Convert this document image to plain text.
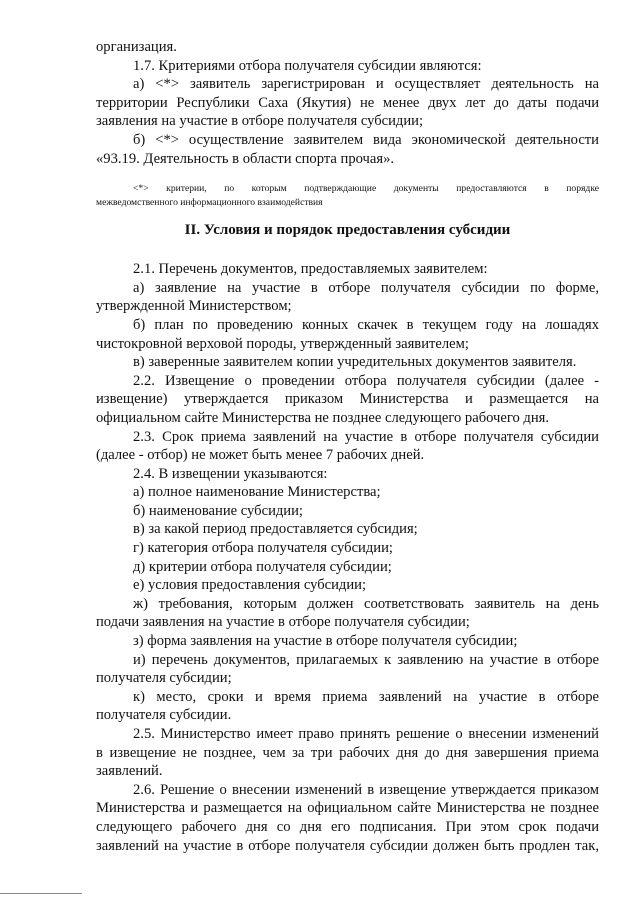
организация.
1.7. Критериями отбора получателя субсидии являются:
а) <*> заявитель зарегистрирован и осуществляет деятельность на
территории Республики Саха (Якутия) не менее двух лет до даты подачи
заявления на участие в отборе получателя субсидии;
б) <*> осуществление заявителем вида экономической деятельности
«93.19. Деятельность в области спорта прочая».
<*> критерии, по которым подтверждающие документы предоставляются в порядке
межведомственного информационного взаимодействия
II. Условия и порядок предоставления субсидии
2.1. Перечень документов, предоставляемых заявителем:
а) заявление на участие в отборе получателя субсидии по форме,
утвержденной Министерством;
б) план по проведению конных скачек в текущем году на лошадях
чистокровной верховой породы, утвержденный заявителем;
в) заверенные заявителем копии учредительных документов заявителя.
2.2. Извещение о проведении отбора получателя субсидии (далее -
извещение) утверждается приказом Министерства и размещается на
официальном сайте Министерства не позднее следующего рабочего дня.
2.3. Срок приема заявлений на участие в отборе получателя субсидии
(далее - отбор) не может быть менее 7 рабочих дней.
2.4. В извещении указываются:
а) полное наименование Министерства;
б) наименование субсидии;
в) за какой период предоставляется субсидия;
г) категория отбора получателя субсидии;
д) критерии отбора получателя субсидии;
е) условия предоставления субсидии;
ж) требования, которым должен соответствовать заявитель на день
подачи заявления на участие в отборе получателя субсидии;
з) форма заявления на участие в отборе получателя субсидии;
и) перечень документов, прилагаемых к заявлению на участие в отборе
получателя субсидии;
к) место, сроки и время приема заявлений на участие в отборе
получателя субсидии.
2.5. Министерство имеет право принять решение о внесении изменений
в извещение не позднее, чем за три рабочих дня до дня завершения приема
заявлений.
2.6. Решение о внесении изменений в извещение утверждается приказом
Министерства и размещается на официальном сайте Министерства не позднее
следующего рабочего дня со дня его подписания. При этом срок подачи
заявлений на участие в отборе получателя субсидии должен быть продлен так,
